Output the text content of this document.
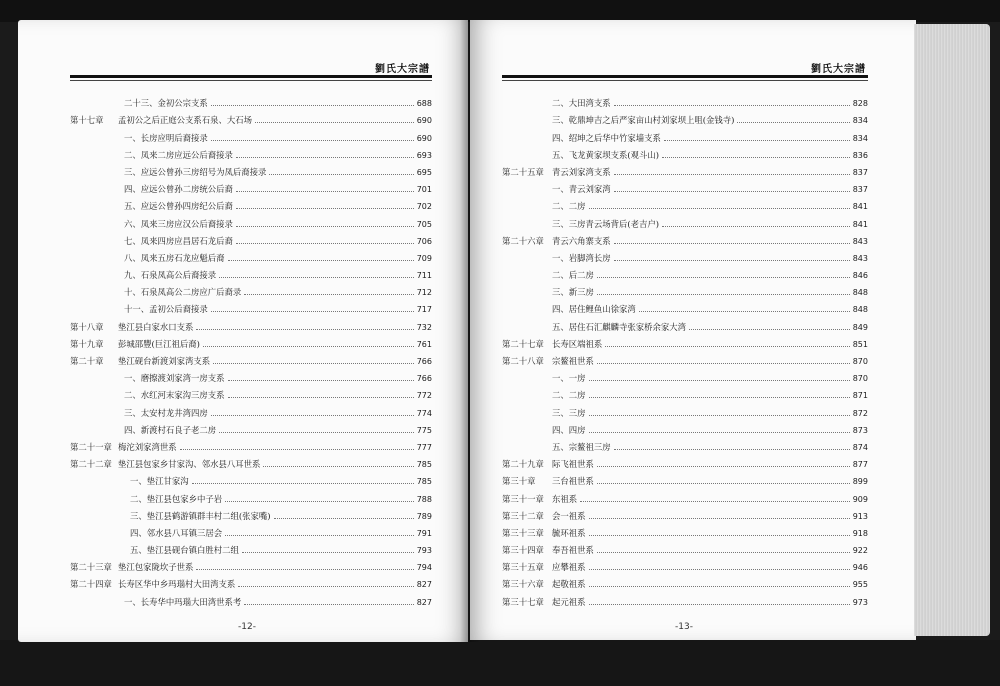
劉氏大宗譜
二十三、金初公宗支系	688
第十七章	孟初公之后正庭公支系石泉、大石场	690
一、长房应明后裔接录	690
二、凤来二房应远公后裔接录	693
三、应远公曾孙三房绍号为凤后裔接录	695
四、应远公曾孙二房统公后裔	701
五、应远公曾孙四房纪公后裔	702
六、凤来三房应汉公后裔接录	705
七、凤来四房应昌居石龙后裔	706
八、凤来五房石龙应魁后裔	709
九、石泉凤高公后裔接录	711
十、石泉凤高公二房应广后裔录	712
十一、孟初公后裔接录	717
第十八章	垫江县白家水口支系	732
第十九章	彭城邵豐(巨江祖后裔)	761
第二十章	垫江砚台新渡刘家湾支系	766
一、磨擦渡刘家湾一房支系	766
二、水红河末家沟三房支系	772
三、太安村龙井湾四房	774
四、新渡村石良子老二房	775
第二十一章 梅沱刘家湾世系	777
第二十二章 垫江县包家乡甘家沟、邻水县八耳世系	785
一、垫江甘家沟	785
二、垫江县包家乡中子岩	788
三、垫江县鹤游镇群丰村二组(张家嘴)	789
四、邻水县八耳镇三居会	791
五、垫江县砚台镇白胜村二组	793
第二十三章 垫江包家陇坎子世系	794
第二十四章 长寿区华中乡玛瑙村大田湾支系	827
一、长寿华中玛瑙大田湾世系考	827
-12-
劉氏大宗譜
二、大田湾支系	828
三、乾鼎坤吉之后严家亩山村刘家坝上咀(金钱寺)	834
四、绍坤之后华中竹家墙支系	834
五、飞龙黄家坝支系(观斗山)	836
第二十五章 青云刘家湾支系	837
一、青云刘家湾	837
二、二房	841
三、三房青云场背后(老吉户)	841
第二十六章 青云六角寨支系	843
一、岩脚湾长房	843
二、后二房	846
三、新三房	848
四、居住鲤鱼山徐家湾	848
五、居住石汇麒麟寺张家桥余家大湾	849
第二十七章 长寿区端祖系	851
第二十八章 宗鳌祖世系	870
一、一房	870
二、二房	871
三、三房	872
四、四房	873
五、宗鳌祖三房	874
第二十九章 际飞祖世系	877
第三十章	三台祖世系	899
第三十一章 东祖系	909
第三十二章 会一祖系	913
第三十三章 毓环祖系	918
第三十四章 奉吾祖世系	922
第三十五章 应攀祖系	946
第三十六章 起敬祖系	955
第三十七章 起元祖系	973
-13-
